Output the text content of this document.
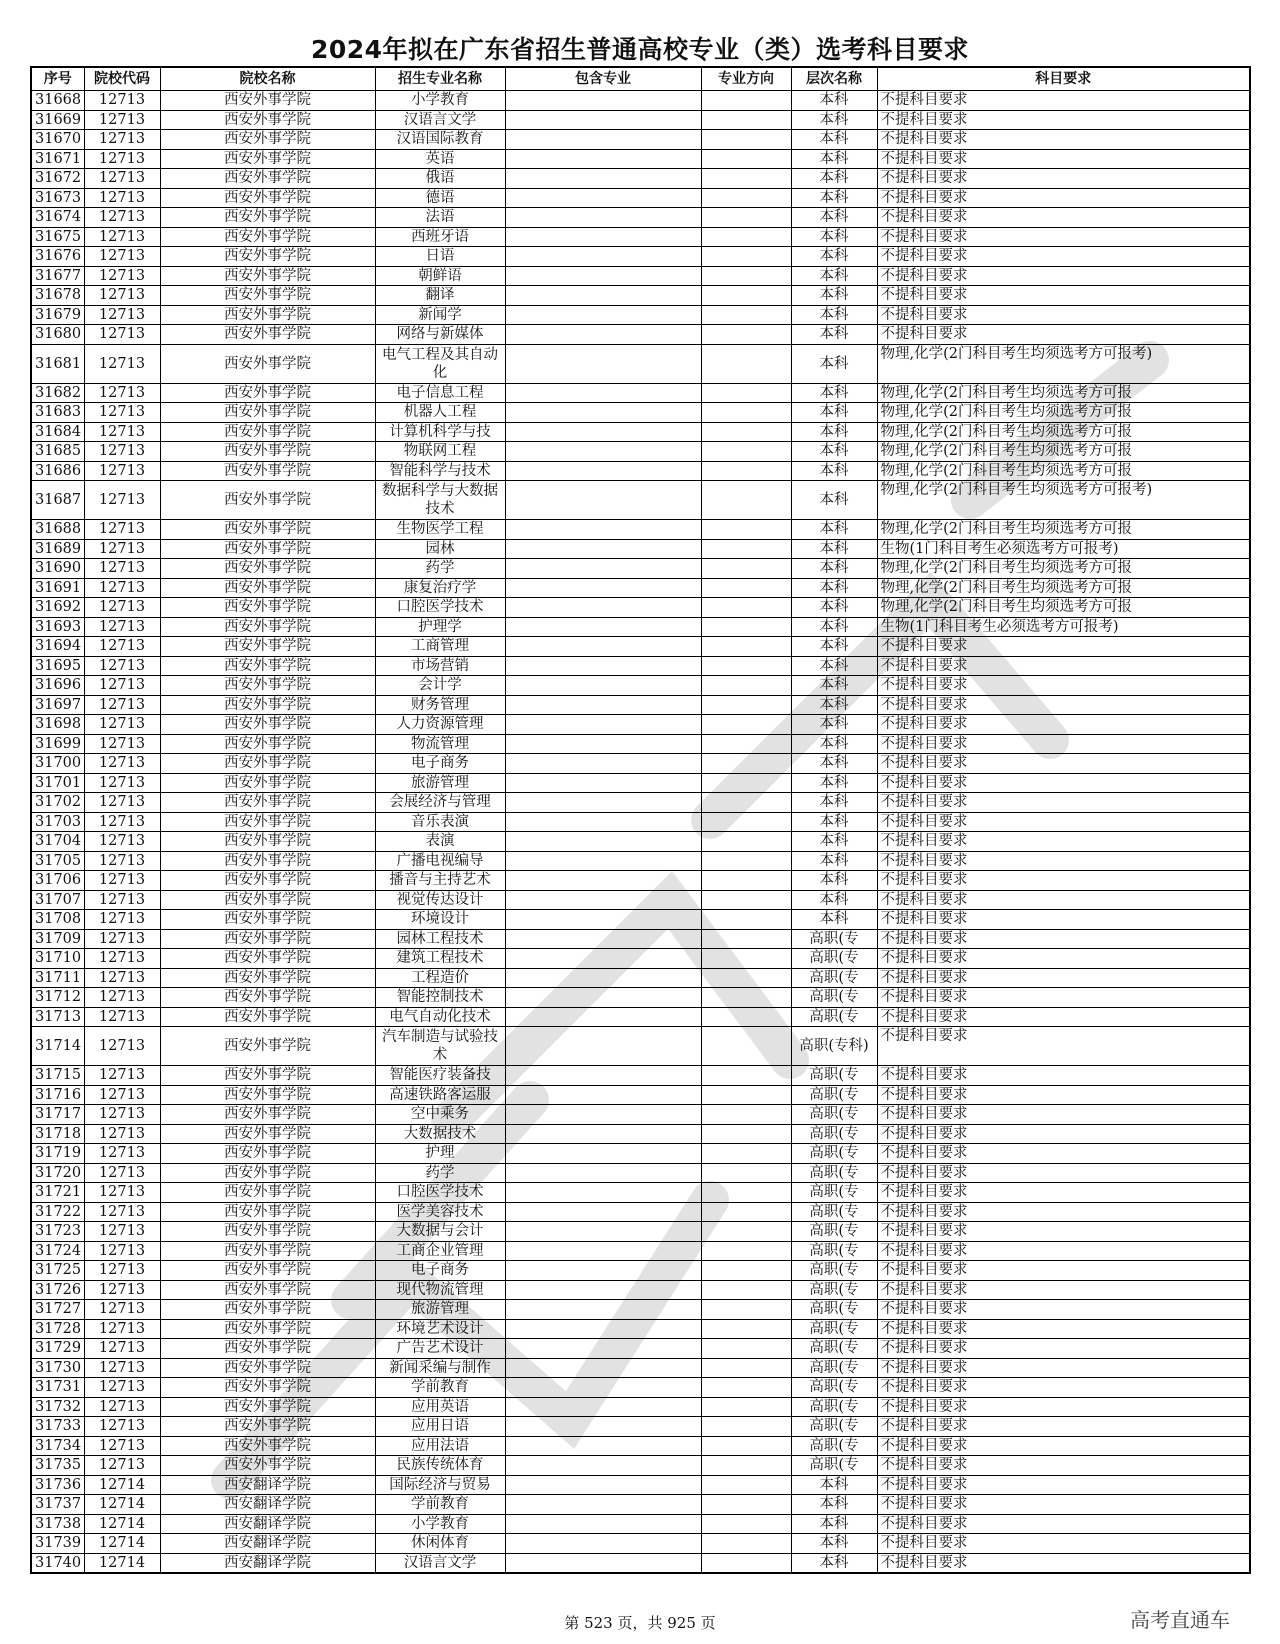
2024年拟在广东省招生普通高校专业（类）选考科目要求
序号	院校代码	院校名称	招生专业名称	包含专业	专业方向	层次名称	科目要求
31668	12713	西安外事学院	小学教育			本科	不提科目要求
31669	12713	西安外事学院	汉语言文学			本科	不提科目要求
31670	12713	西安外事学院	汉语国际教育			本科	不提科目要求
31671	12713	西安外事学院	英语			本科	不提科目要求
31672	12713	西安外事学院	俄语			本科	不提科目要求
31673	12713	西安外事学院	德语			本科	不提科目要求
31674	12713	西安外事学院	法语			本科	不提科目要求
31675	12713	西安外事学院	西班牙语			本科	不提科目要求
31676	12713	西安外事学院	日语			本科	不提科目要求
31677	12713	西安外事学院	朝鲜语			本科	不提科目要求
31678	12713	西安外事学院	翻译			本科	不提科目要求
31679	12713	西安外事学院	新闻学			本科	不提科目要求
31680	12713	西安外事学院	网络与新媒体			本科	不提科目要求
31681	12713	西安外事学院	电气工程及其自动化			本科	物理,化学(2门科目考生均须选考方可报考)
31682	12713	西安外事学院	电子信息工程			本科	物理,化学(2门科目考生均须选考方可报
31683	12713	西安外事学院	机器人工程			本科	物理,化学(2门科目考生均须选考方可报
31684	12713	西安外事学院	计算机科学与技			本科	物理,化学(2门科目考生均须选考方可报
31685	12713	西安外事学院	物联网工程			本科	物理,化学(2门科目考生均须选考方可报
31686	12713	西安外事学院	智能科学与技术			本科	物理,化学(2门科目考生均须选考方可报
31687	12713	西安外事学院	数据科学与大数据技术			本科	物理,化学(2门科目考生均须选考方可报考)
31688	12713	西安外事学院	生物医学工程			本科	物理,化学(2门科目考生均须选考方可报
31689	12713	西安外事学院	园林			本科	生物(1门科目考生必须选考方可报考)
31690	12713	西安外事学院	药学			本科	物理,化学(2门科目考生均须选考方可报
31691	12713	西安外事学院	康复治疗学			本科	物理,化学(2门科目考生均须选考方可报
31692	12713	西安外事学院	口腔医学技术			本科	物理,化学(2门科目考生均须选考方可报
31693	12713	西安外事学院	护理学			本科	生物(1门科目考生必须选考方可报考)
31694	12713	西安外事学院	工商管理			本科	不提科目要求
31695	12713	西安外事学院	市场营销			本科	不提科目要求
31696	12713	西安外事学院	会计学			本科	不提科目要求
31697	12713	西安外事学院	财务管理			本科	不提科目要求
31698	12713	西安外事学院	人力资源管理			本科	不提科目要求
31699	12713	西安外事学院	物流管理			本科	不提科目要求
31700	12713	西安外事学院	电子商务			本科	不提科目要求
31701	12713	西安外事学院	旅游管理			本科	不提科目要求
31702	12713	西安外事学院	会展经济与管理			本科	不提科目要求
31703	12713	西安外事学院	音乐表演			本科	不提科目要求
31704	12713	西安外事学院	表演			本科	不提科目要求
31705	12713	西安外事学院	广播电视编导			本科	不提科目要求
31706	12713	西安外事学院	播音与主持艺术			本科	不提科目要求
31707	12713	西安外事学院	视觉传达设计			本科	不提科目要求
31708	12713	西安外事学院	环境设计			本科	不提科目要求
31709	12713	西安外事学院	园林工程技术			高职(专	不提科目要求
31710	12713	西安外事学院	建筑工程技术			高职(专	不提科目要求
31711	12713	西安外事学院	工程造价			高职(专	不提科目要求
31712	12713	西安外事学院	智能控制技术			高职(专	不提科目要求
31713	12713	西安外事学院	电气自动化技术			高职(专	不提科目要求
31714	12713	西安外事学院	汽车制造与试验技术			高职(专科)	不提科目要求
31715	12713	西安外事学院	智能医疗装备技			高职(专	不提科目要求
31716	12713	西安外事学院	高速铁路客运服			高职(专	不提科目要求
31717	12713	西安外事学院	空中乘务			高职(专	不提科目要求
31718	12713	西安外事学院	大数据技术			高职(专	不提科目要求
31719	12713	西安外事学院	护理			高职(专	不提科目要求
31720	12713	西安外事学院	药学			高职(专	不提科目要求
31721	12713	西安外事学院	口腔医学技术			高职(专	不提科目要求
31722	12713	西安外事学院	医学美容技术			高职(专	不提科目要求
31723	12713	西安外事学院	大数据与会计			高职(专	不提科目要求
31724	12713	西安外事学院	工商企业管理			高职(专	不提科目要求
31725	12713	西安外事学院	电子商务			高职(专	不提科目要求
31726	12713	西安外事学院	现代物流管理			高职(专	不提科目要求
31727	12713	西安外事学院	旅游管理			高职(专	不提科目要求
31728	12713	西安外事学院	环境艺术设计			高职(专	不提科目要求
31729	12713	西安外事学院	广告艺术设计			高职(专	不提科目要求
31730	12713	西安外事学院	新闻采编与制作			高职(专	不提科目要求
31731	12713	西安外事学院	学前教育			高职(专	不提科目要求
31732	12713	西安外事学院	应用英语			高职(专	不提科目要求
31733	12713	西安外事学院	应用日语			高职(专	不提科目要求
31734	12713	西安外事学院	应用法语			高职(专	不提科目要求
31735	12713	西安外事学院	民族传统体育			高职(专	不提科目要求
31736	12714	西安翻译学院	国际经济与贸易			本科	不提科目要求
31737	12714	西安翻译学院	学前教育			本科	不提科目要求
31738	12714	西安翻译学院	小学教育			本科	不提科目要求
31739	12714	西安翻译学院	休闲体育			本科	不提科目要求
31740	12714	西安翻译学院	汉语言文学			本科	不提科目要求
第 523 页，共 925 页	高考直通车
